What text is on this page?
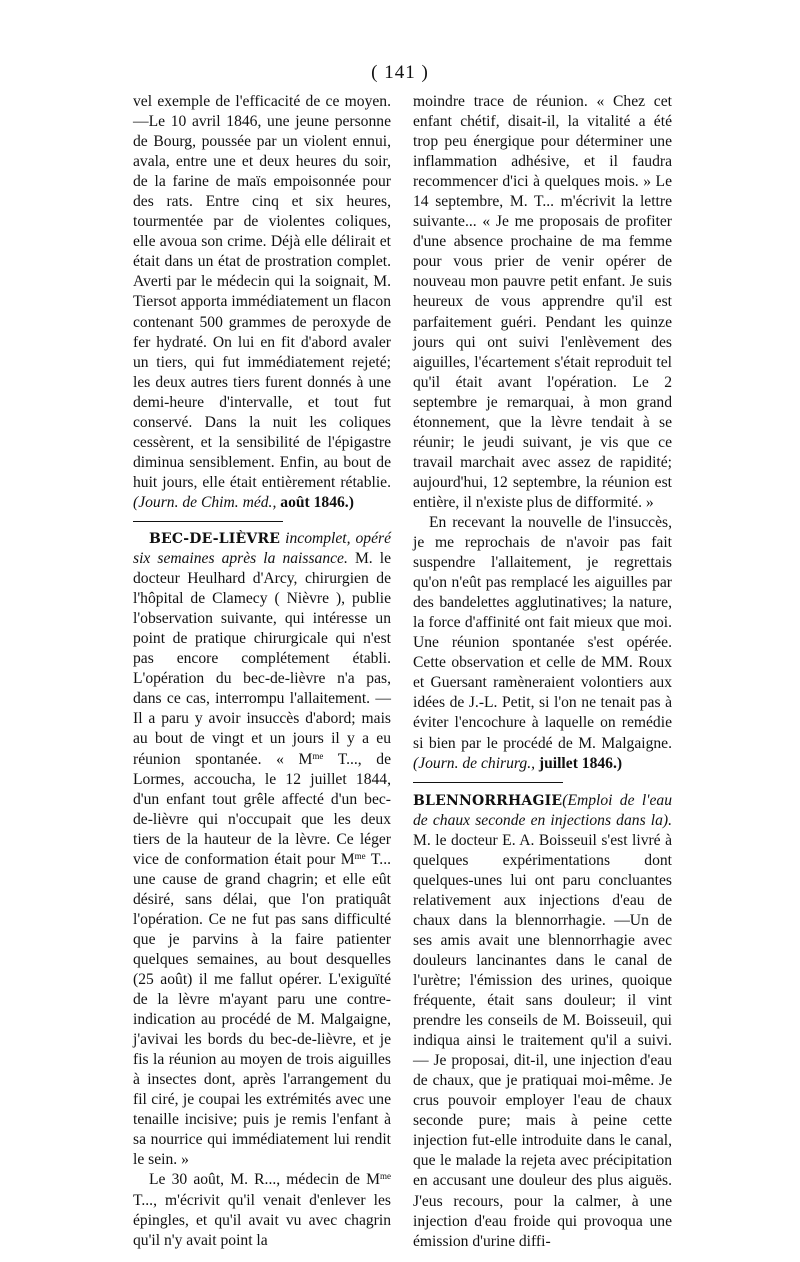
( 141 )

vel exemple de l'efficacité de ce moyen.—Le 10 avril 1846, une jeune personne de Bourg, poussée par un violent ennui, avala, entre une et deux heures du soir, de la farine de maïs empoisonnée pour des rats. Entre cinq et six heures, tourmentée par de violentes coliques, elle avoua son crime. Déjà elle délirait et était dans un état de prostration complet. Averti par le médecin qui la soignait, M. Tiersot apporta immédiatement un flacon contenant 500 grammes de peroxyde de fer hydraté. On lui en fit d'abord avaler un tiers, qui fut immédiatement rejeté; les deux autres tiers furent donnés à une demi-heure d'intervalle, et tout fut conservé. Dans la nuit les coliques cessèrent, et la sensibilité de l'épigastre diminua sensiblement. Enfin, au bout de huit jours, elle était entièrement rétablie.(Journ. de Chim. méd., août 1846.)

BEC-DE-LIÈVRE incomplet, opéré six semaines après la naissance. M. le docteur Heulhard d'Arcy, chirurgien de l'hôpital de Clamecy ( Nièvre ), publie l'observation suivante, qui intéresse un point de pratique chirurgicale qui n'est pas encore complétement établi. L'opération du bec-de-lièvre n'a pas, dans ce cas, interrompu l'allaitement. — Il a paru y avoir insuccès d'abord; mais au bout de vingt et un jours il y a eu réunion spontanée. « $M^{me}$ T..., de Lormes, accoucha, le 12 juillet 1844, d'un enfant tout grêle affecté d'un bec-de-lièvre qui n'occupait que les deux tiers de la hauteur de la lèvre. Ce léger vice de conformation était pour $M^{me}$ T... une cause de grand chagrin; et elle eût désiré, sans délai, que l'on pratiquât l'opération. Ce ne fut pas sans difficulté que je parvins à la faire patienter quelques semaines, au bout desquelles (25 août) il me fallut opérer. L'exiguïté de la lèvre m'ayant paru une contre-indication au procédé de M. Malgaigne, j'avivai les bords du bec-de-lièvre, et je fis la réunion au moyen de trois aiguilles à insectes dont, après l'arrangement du fil ciré, je coupai les extrémités avec une tenaille incisive; puis je remis l'enfant à sa nourrice qui immédiatement lui rendit le sein. »

Le 30 août, M. R..., médecin de $M^{me}$ T..., m'écrivit qu'il venait d'enlever les épingles, et qu'il avait vu avec chagrin qu'il n'y avait point la

moindre trace de réunion. « Chez cet enfant chétif, disait-il, la vitalité a été trop peu énergique pour déterminer une inflammation adhésive, et il faudra recommencer d'ici à quelques mois. » Le 14 septembre, M. T... m'écrivit la lettre suivante... « Je me proposais de profiter d'une absence prochaine de ma femme pour vous prier de venir opérer de nouveau mon pauvre petit enfant. Je suis heureux de vous apprendre qu'il est parfaitement guéri. Pendant les quinze jours qui ont suivi l'enlèvement des aiguilles, l'écartement s'était reproduit tel qu'il était avant l'opération. Le 2 septembre je remarquai, à mon grand étonnement, que la lèvre tendait à se réunir; le jeudi suivant, je vis que ce travail marchait avec assez de rapidité; aujourd'hui, 12 septembre, la réunion est entière, il n'existe plus de difformité. »

En recevant la nouvelle de l'insuccès, je me reprochais de n'avoir pas fait suspendre l'allaitement, je regrettais qu'on n'eût pas remplacé les aiguilles par des bandelettes agglutinatives; la nature, la force d'affinité ont fait mieux que moi. Une réunion spontanée s'est opérée. Cette observation et celle de MM. Roux et Guersant ramèneraient volontiers aux idées de J.-L. Petit, si l'on ne tenait pas à éviter l'encochure à laquelle on remédie si bien par le procédé de M. Malgaigne. (Journ. de chirurg., juillet 1846.)

BLENNORRHAGIE(Emploi de l'eau de chaux seconde en injections dans la). M. le docteur E. A. Boisseuil s'est livré à quelques expérimentations dont quelques-unes lui ont paru concluantes relativement aux injections d'eau de chaux dans la blennorrhagie. —Un de ses amis avait une blennorrhagie avec douleurs lancinantes dans le canal de l'urètre; l'émission des urines, quoique fréquente, était sans douleur; il vint prendre les conseils de M. Boisseuil, qui indiqua ainsi le traitement qu'il a suivi. — Je proposai, dit-il, une injection d'eau de chaux, que je pratiquai moi-même. Je crus pouvoir employer l'eau de chaux seconde pure; mais à peine cette injection fut-elle introduite dans le canal, que le malade la rejeta avec précipitation en accusant une douleur des plus aiguës. J'eus recours, pour la calmer, à une injection d'eau froide qui provoqua une émission d'urine diffi-
